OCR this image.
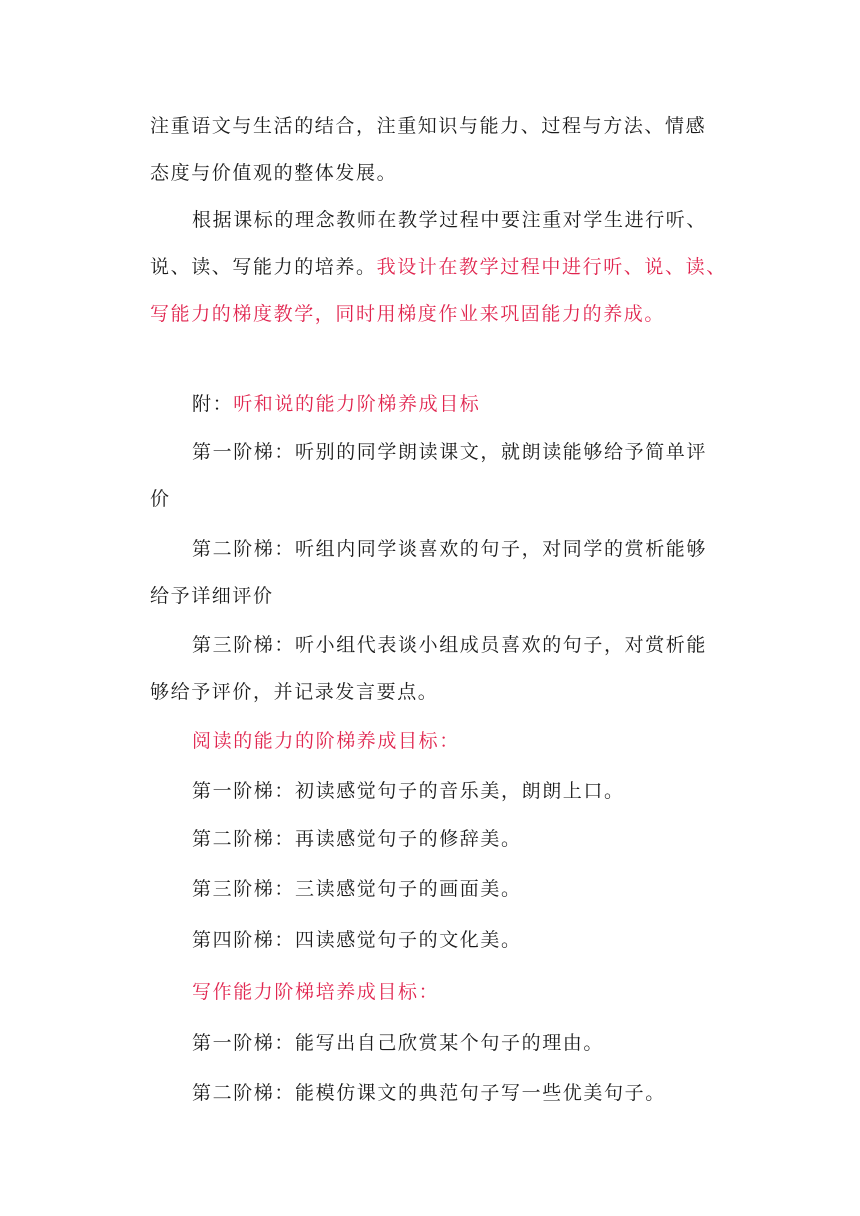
注重语文与生活的结合，注重知识与能力、过程与方法、情感
态度与价值观的整体发展。
根据课标的理念教师在教学过程中要注重对学生进行听、
说、读、写能力的培养。我设计在教学过程中进行听、说、读、
写能力的梯度教学，同时用梯度作业来巩固能力的养成。
附：听和说的能力阶梯养成目标
第一阶梯：听别的同学朗读课文，就朗读能够给予简单评
价
第二阶梯：听组内同学谈喜欢的句子，对同学的赏析能够
给予详细评价
第三阶梯：听小组代表谈小组成员喜欢的句子，对赏析能
够给予评价，并记录发言要点。
阅读的能力的阶梯养成目标：
第一阶梯：初读感觉句子的音乐美，朗朗上口。
第二阶梯：再读感觉句子的修辞美。
第三阶梯：三读感觉句子的画面美。
第四阶梯：四读感觉句子的文化美。
写作能力阶梯培养成目标：
第一阶梯：能写出自己欣赏某个句子的理由。
第二阶梯：能模仿课文的典范句子写一些优美句子。
